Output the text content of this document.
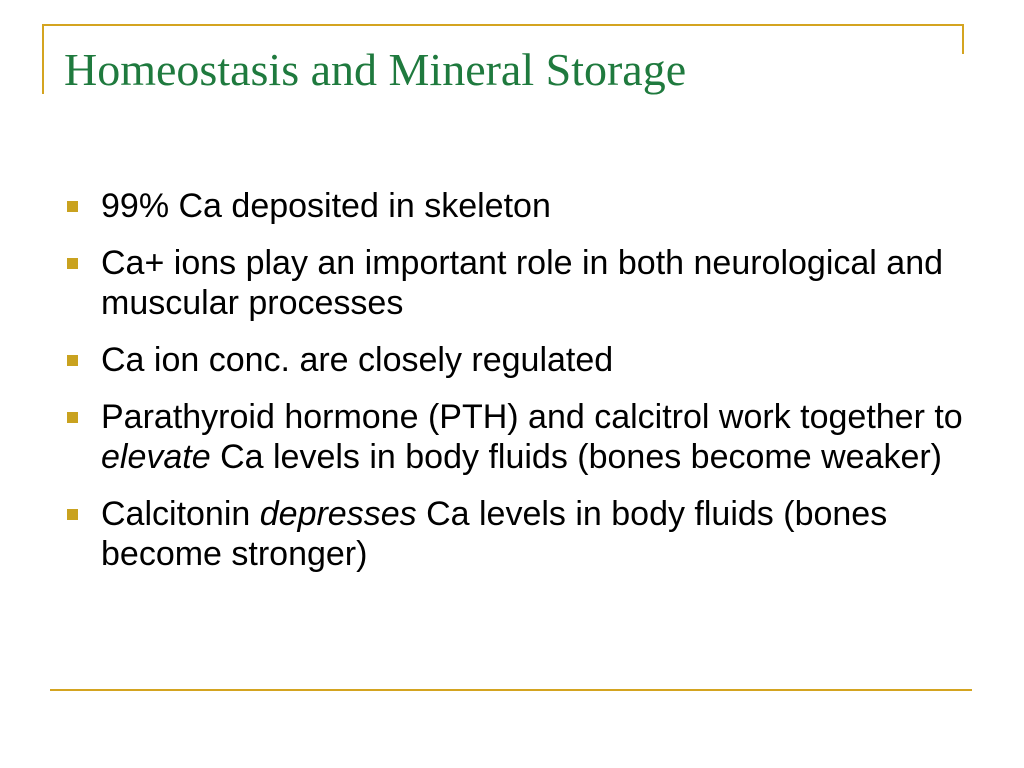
Homeostasis and Mineral Storage
99% Ca deposited in skeleton
Ca+ ions play an important role in both neurological and muscular processes
Ca ion conc. are closely regulated
Parathyroid hormone (PTH) and calcitrol work together to elevate Ca levels in body fluids (bones become weaker)
Calcitonin depresses Ca levels in body fluids (bones become stronger)
